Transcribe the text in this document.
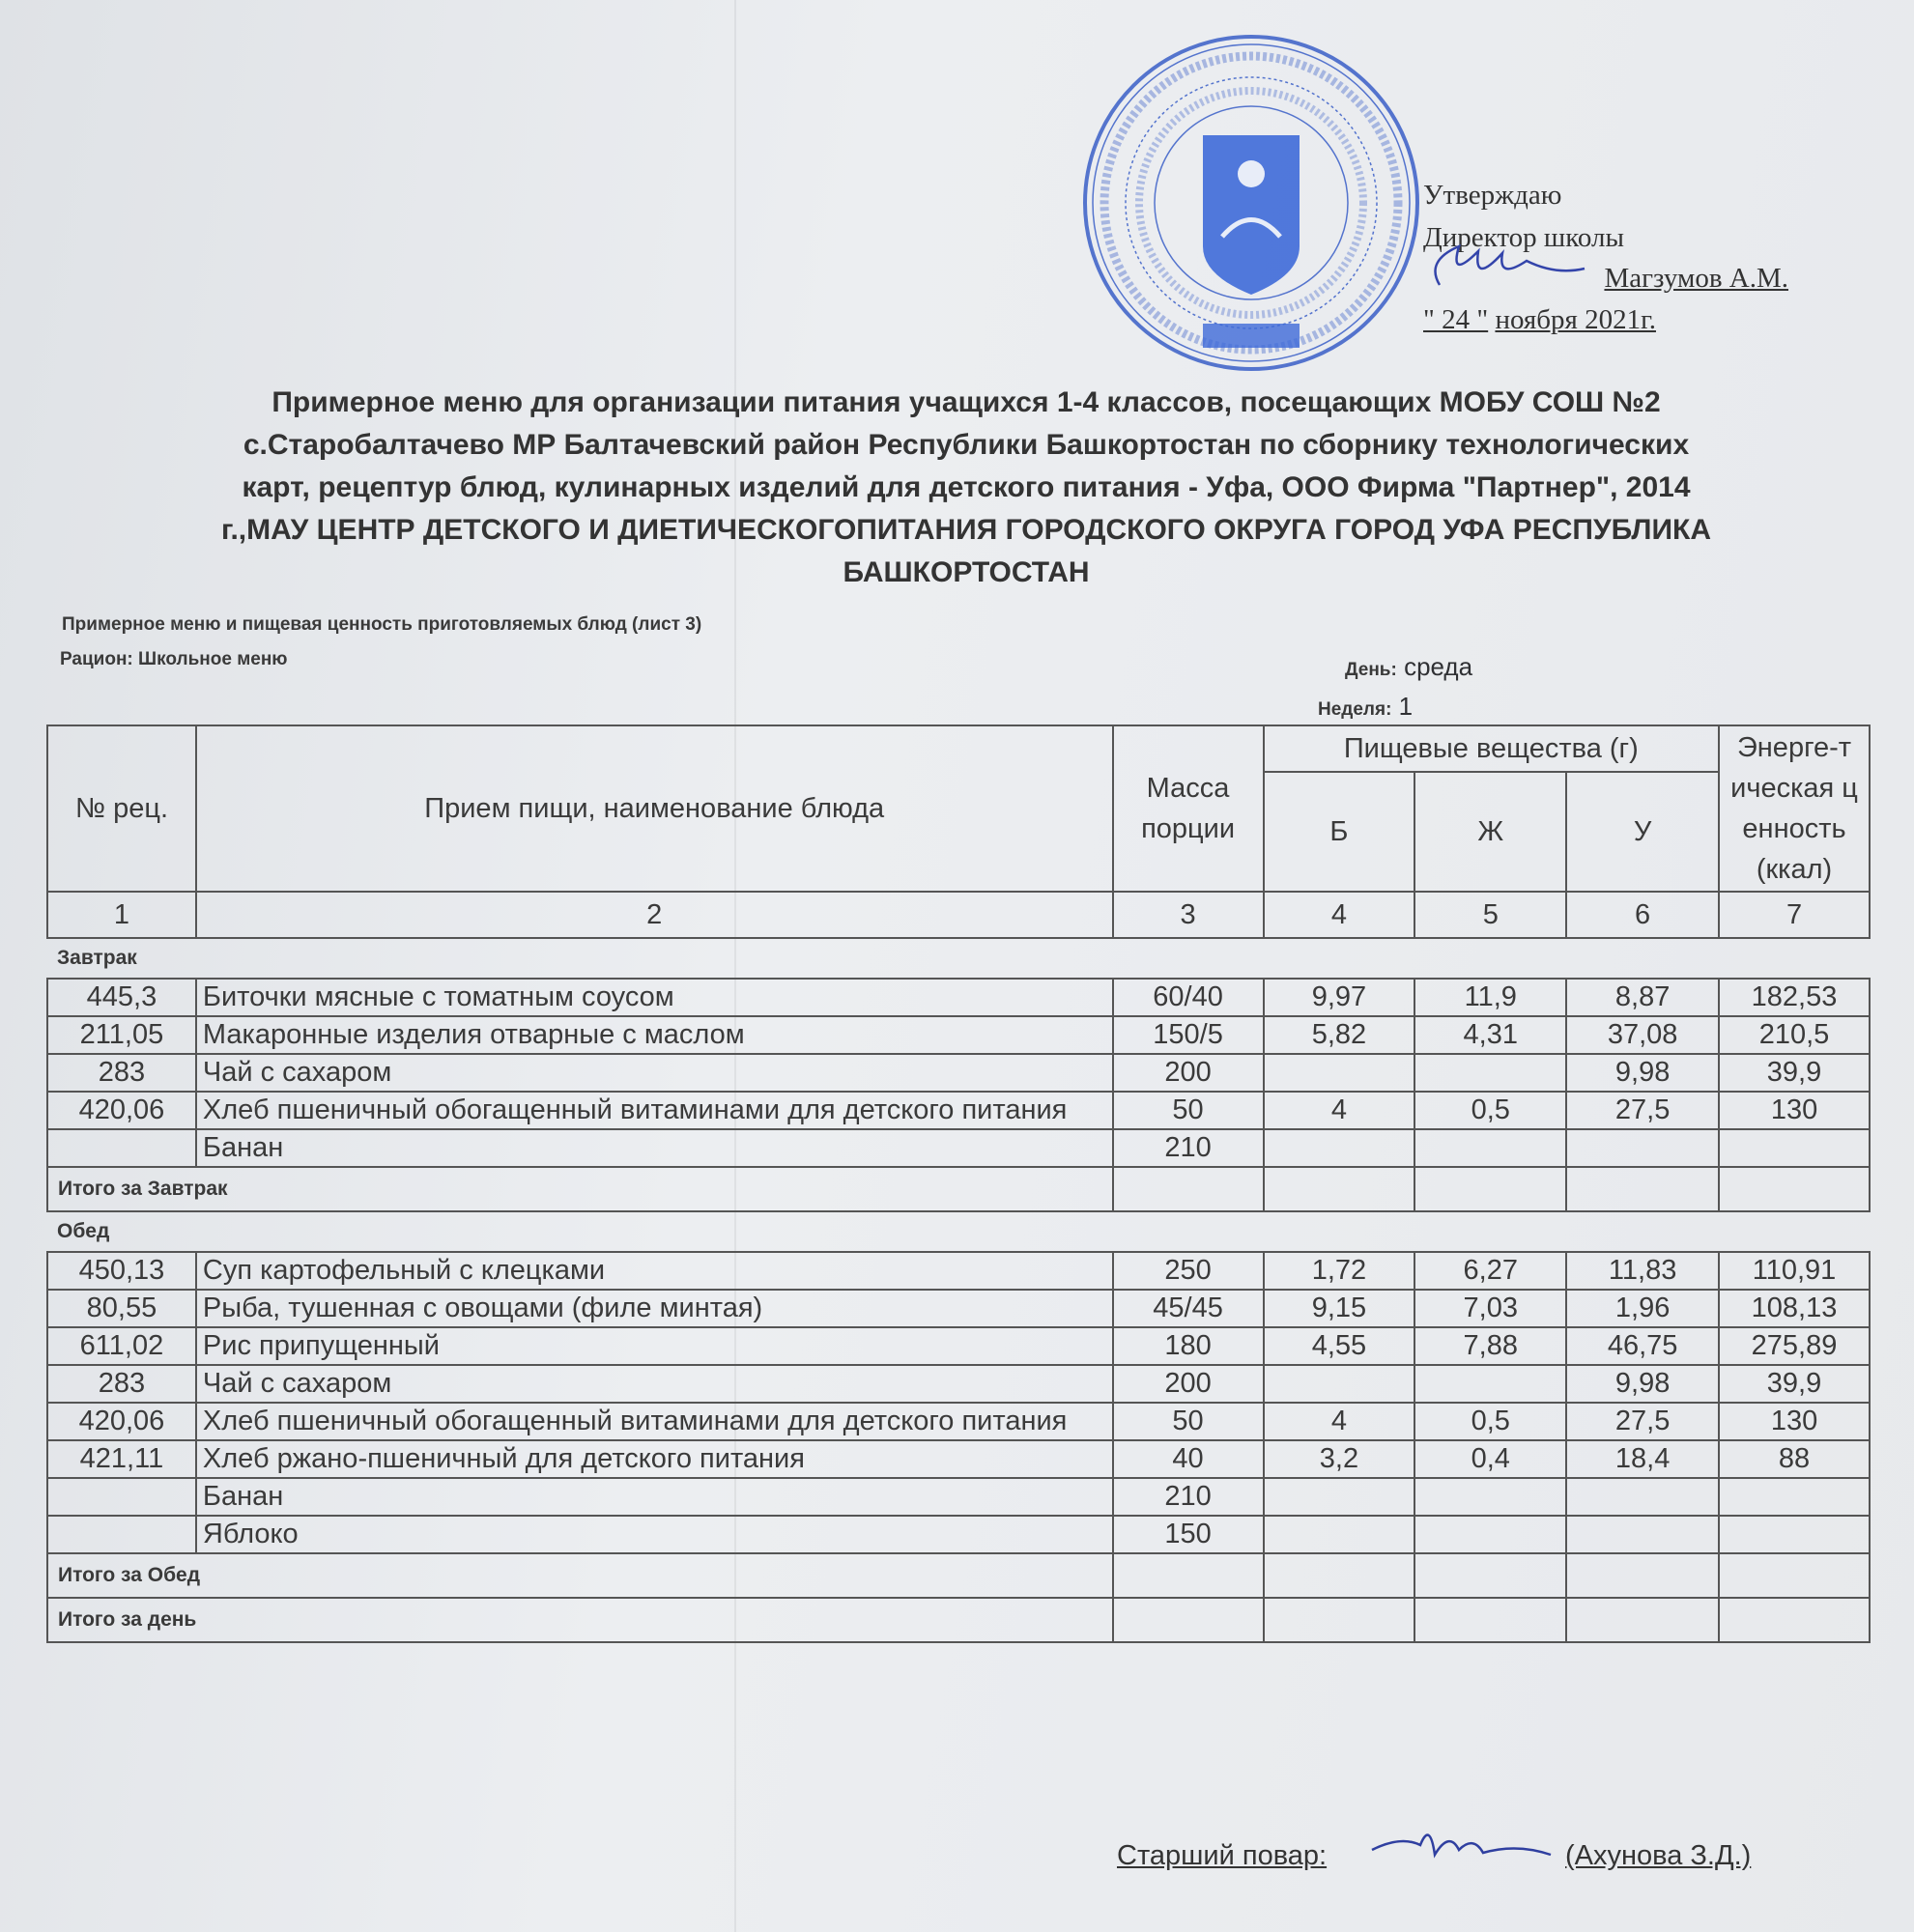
Утверждаю
Директор школы
Магзумов А.М.
" 24 " ноября 2021г.
Примерное меню для организации питания учащихся 1-4 классов, посещающих МОБУ СОШ №2
с.Старобалтачево МР Балтачевский район Республики Башкортостан по сборнику технологических
карт, рецептур блюд, кулинарных изделий для детского питания - Уфа, ООО Фирма "Партнер", 2014
г.,МАУ ЦЕНТР ДЕТСКОГО И ДИЕТИЧЕСКОГОПИТАНИЯ ГОРОДСКОГО ОКРУГА ГОРОД УФА РЕСПУБЛИКА
БАШКОРТОСТАН
Примерное меню и пищевая ценность приготовляемых блюд (лист 3)
Рацион: Школьное меню
День: среда
Неделя: 1
№ рец.	Прием пищи, наименование блюда	Масса порции	Пищевые вещества (г)			Энерге-тическая ценность (ккал)
			Б	Ж	У	
1	2	3	4	5	6	7
Завтрак						
445,3	Биточки мясные с томатным соусом	60/40	9,97	11,9	8,87	182,53
211,05	Макаронные изделия отварные с маслом	150/5	5,82	4,31	37,08	210,5
283	Чай с сахаром	200			9,98	39,9
420,06	Хлеб пшеничный обогащенный витаминами для детского питания	50	4	0,5	27,5	130
	Банан	210				
Итого за Завтрак						
Обед						
450,13	Суп картофельный с клецками	250	1,72	6,27	11,83	110,91
80,55	Рыба, тушенная с овощами (филе минтая)	45/45	9,15	7,03	1,96	108,13
611,02	Рис припущенный	180	4,55	7,88	46,75	275,89
283	Чай с сахаром	200			9,98	39,9
420,06	Хлеб пшеничный обогащенный витаминами для детского питания	50	4	0,5	27,5	130
421,11	Хлеб ржано-пшеничный для детского питания	40	3,2	0,4	18,4	88
	Банан	210				
	Яблоко	150				
Итого за Обед						
Итого за день						
Старший повар:	(Ахунова З.Д.)
